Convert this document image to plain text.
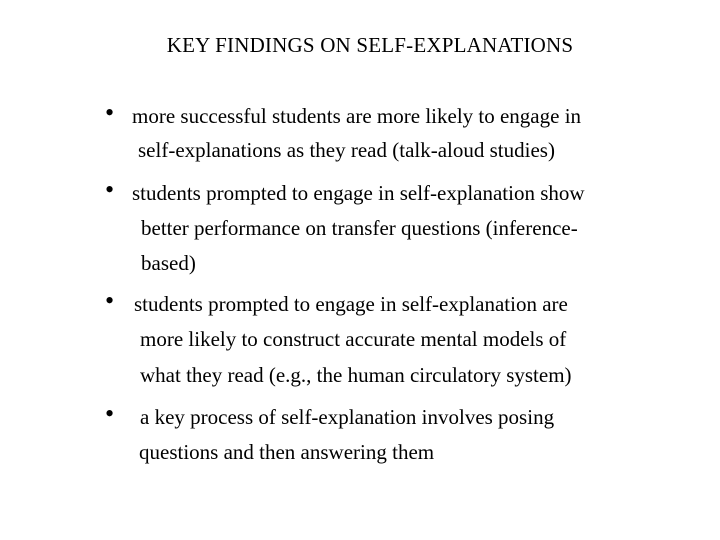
KEY FINDINGS ON SELF-EXPLANATIONS
• more successful students are more likely to engage in
self-explanations as they read (talk-aloud studies)
• students prompted to engage in self-explanation show
better performance on transfer questions (inference-
based)
• students prompted to engage in self-explanation are
more likely to construct accurate mental models of
what they read (e.g., the human circulatory system)
• a key process of self-explanation involves posing
questions and then answering them
